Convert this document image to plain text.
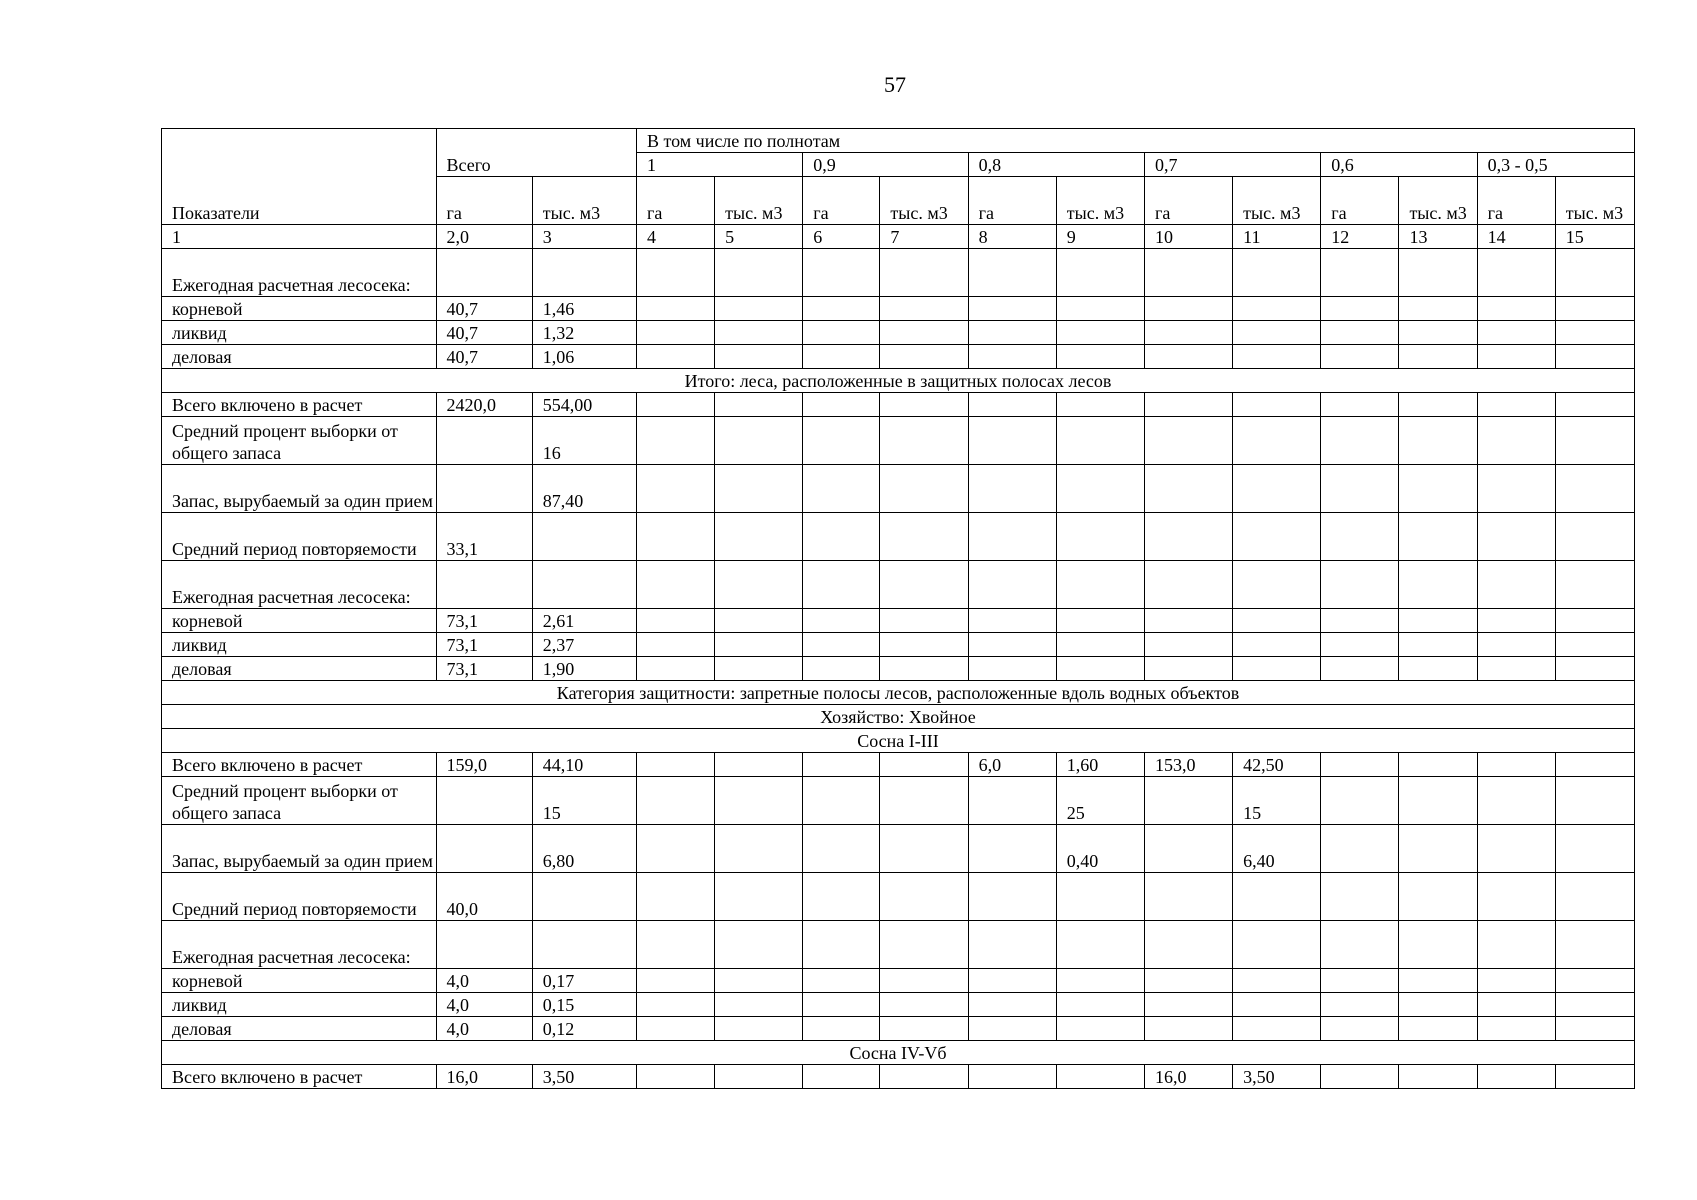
57
Показатели	Всего		В том числе по полнотам											
			1		0,9		0,8		0,7		0,6		0,3 - 0,5	
	га	тыс. м3	га	тыс. м3	га	тыс. м3	га	тыс. м3	га	тыс. м3	га	тыс. м3	га	тыс. м3
1	2,0	3	4	5	6	7	8	9	10	11	12	13	14	15
Ежегодная расчетная лесосека:														
корневой	40,7	1,46												
ликвид	40,7	1,32												
деловая	40,7	1,06												
Итого: леса, расположенные в защитных полосах лесов														
Всего включено в расчет	2420,0	554,00												
Средний процент выборки от общего запаса		16												
Запас, вырубаемый за один прием		87,40												
Средний период повторяемости	33,1													
Ежегодная расчетная лесосека:														
корневой	73,1	2,61												
ликвид	73,1	2,37												
деловая	73,1	1,90												
Категория защитности: запретные полосы лесов, расположенные вдоль водных объектов														
Хозяйство: Хвойное														
Сосна I-III														
Всего включено в расчет	159,0	44,10					6,0	1,60	153,0	42,50				
Средний процент выборки от общего запаса		15						25		15				
Запас, вырубаемый за один прием		6,80						0,40		6,40				
Средний период повторяемости	40,0													
Ежегодная расчетная лесосека:														
корневой	4,0	0,17												
ликвид	4,0	0,15												
деловая	4,0	0,12												
Сосна IV-Vб														
Всего включено в расчет	16,0	3,50							16,0	3,50				
